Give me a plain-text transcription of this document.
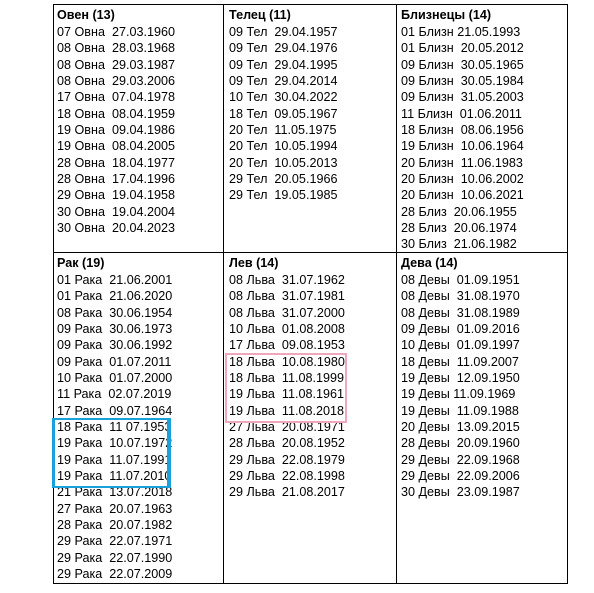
Овен (13)
07 Овна  27.03.1960
08 Овна  28.03.1968
08 Овна  29.03.1987
08 Овна  29.03.2006
17 Овна  07.04.1978
18 Овна  08.04.1959
19 Овна  09.04.1986
19 Овна  08.04.2005
28 Овна  18.04.1977
28 Овна  17.04.1996
29 Овна  19.04.1958
30 Овна  19.04.2004
30 Овна  20.04.2023
Телец (11)
09 Тел  29.04.1957
09 Тел  29.04.1976
09 Тел  29.04.1995
09 Тел  29.04.2014
10 Тел  30.04.2022
18 Тел  09.05.1967
20 Тел  11.05.1975
20 Тел  10.05.1994
20 Тел  10.05.2013
29 Тел  20.05.1966
29 Тел  19.05.1985
Близнецы (14)
01 Близн 21.05.1993
01 Близн  20.05.2012
09 Близн  30.05.1965
09 Близн  30.05.1984
09 Близн  31.05.2003
11 Близн  01.06.2011
18 Близн  08.06.1956
19 Близн  10.06.1964
20 Близн  11.06.1983
20 Близн  10.06.2002
20 Близн  10.06.2021
28 Близ  20.06.1955
28 Близ  20.06.1974
30 Близ  21.06.1982
Рак (19)
01 Рака  21.06.2001
01 Рака  21.06.2020
08 Рака  30.06.1954
09 Рака  30.06.1973
09 Рака  30.06.1992
09 Рака  01.07.2011
10 Рака  01.07.2000
11 Рака  02.07.2019
17 Рака  09.07.1964
18 Рака  11 07.1953
19 Рака  10.07.1972
19 Рака  11.07.1991
19 Рака  11.07.2010
21 Рака  13.07.2018
27 Рака  20.07.1963
28 Рака  20.07.1982
29 Рака  22.07.1971
29 Рака  22.07.1990
29 Рака  22.07.2009
Лев (14)
08 Льва  31.07.1962
08 Льва  31.07.1981
08 Льва  31.07.2000
10 Льва  01.08.2008
17 Льва  09.08.1953
18 Льва  10.08.1980
18 Льва  11.08.1999
19 Льва  11.08.1961
19 Льва  11.08.2018
27 Льва  20.08.1971
28 Льва  20.08.1952
29 Льва  22.08.1979
29 Льва  22.08.1998
29 Льва  21.08.2017
Дева (14)
08 Девы  01.09.1951
08 Девы  31.08.1970
08 Девы  31.08.1989
09 Девы  01.09.2016
10 Девы  01.09.1997
18 Девы  11.09.2007
19 Девы  12.09.1950
19 Девы 11.09.1969
19 Девы  11.09.1988
20 Девы  13.09.2015
28 Девы  20.09.1960
29 Девы  22.09.1968
29 Девы  22.09.2006
30 Девы  23.09.1987
